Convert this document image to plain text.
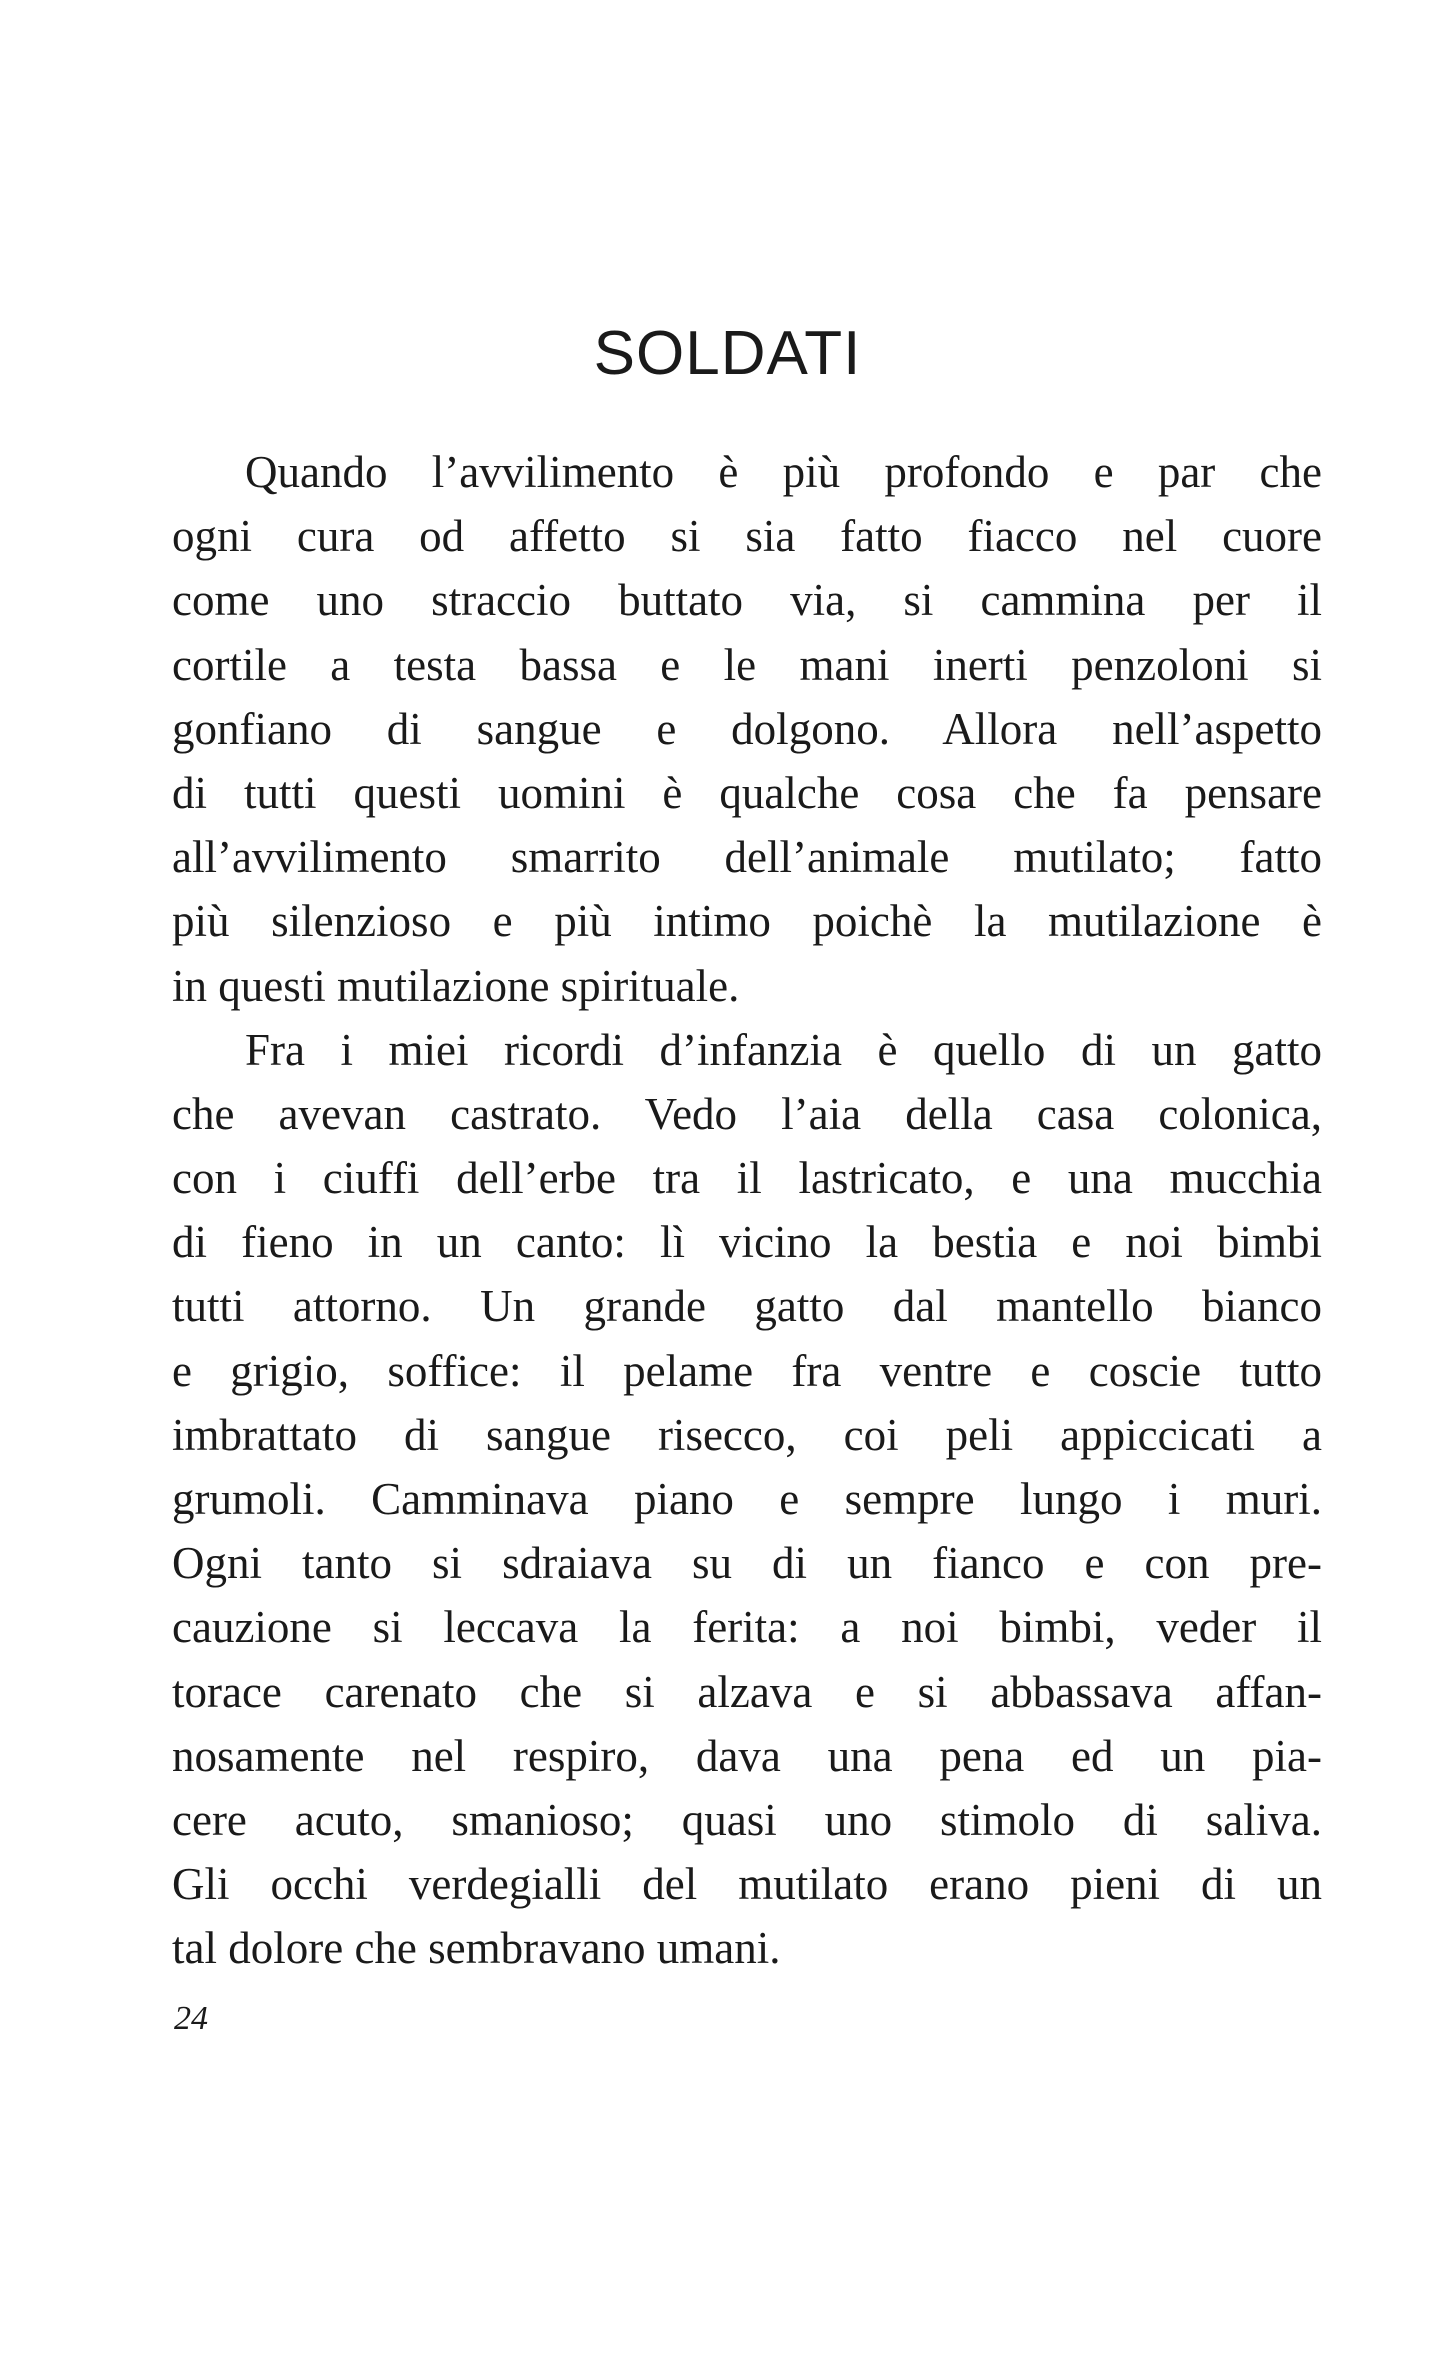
SOLDATI
Quando l’avvilimento è più profondo e par che
ogni cura od affetto si sia fatto fiacco nel cuore
come uno straccio buttato via, si cammina per il
cortile a testa bassa e le mani inerti penzoloni si
gonfiano di sangue e dolgono. Allora nell’aspetto
di tutti questi uomini è qualche cosa che fa pensare
all’avvilimento smarrito dell’animale mutilato; fatto
più silenzioso e più intimo poichè la mutilazione è
in questi mutilazione spirituale.
Fra i miei ricordi d’infanzia è quello di un gatto
che avevan castrato. Vedo l’aia della casa colonica,
con i ciuffi dell’erbe tra il lastricato, e una mucchia
di fieno in un canto: lì vicino la bestia e noi bimbi
tutti attorno. Un grande gatto dal mantello bianco
e grigio, soffice: il pelame fra ventre e coscie tutto
imbrattato di sangue risecco, coi peli appiccicati a
grumoli. Camminava piano e sempre lungo i muri.
Ogni tanto si sdraiava su di un fianco e con pre-
cauzione si leccava la ferita: a noi bimbi, veder il
torace carenato che si alzava e si abbassava affan-
nosamente nel respiro, dava una pena ed un pia-
cere acuto, smanioso; quasi uno stimolo di saliva.
Gli occhi verdegialli del mutilato erano pieni di un
tal dolore che sembravano umani.
24
